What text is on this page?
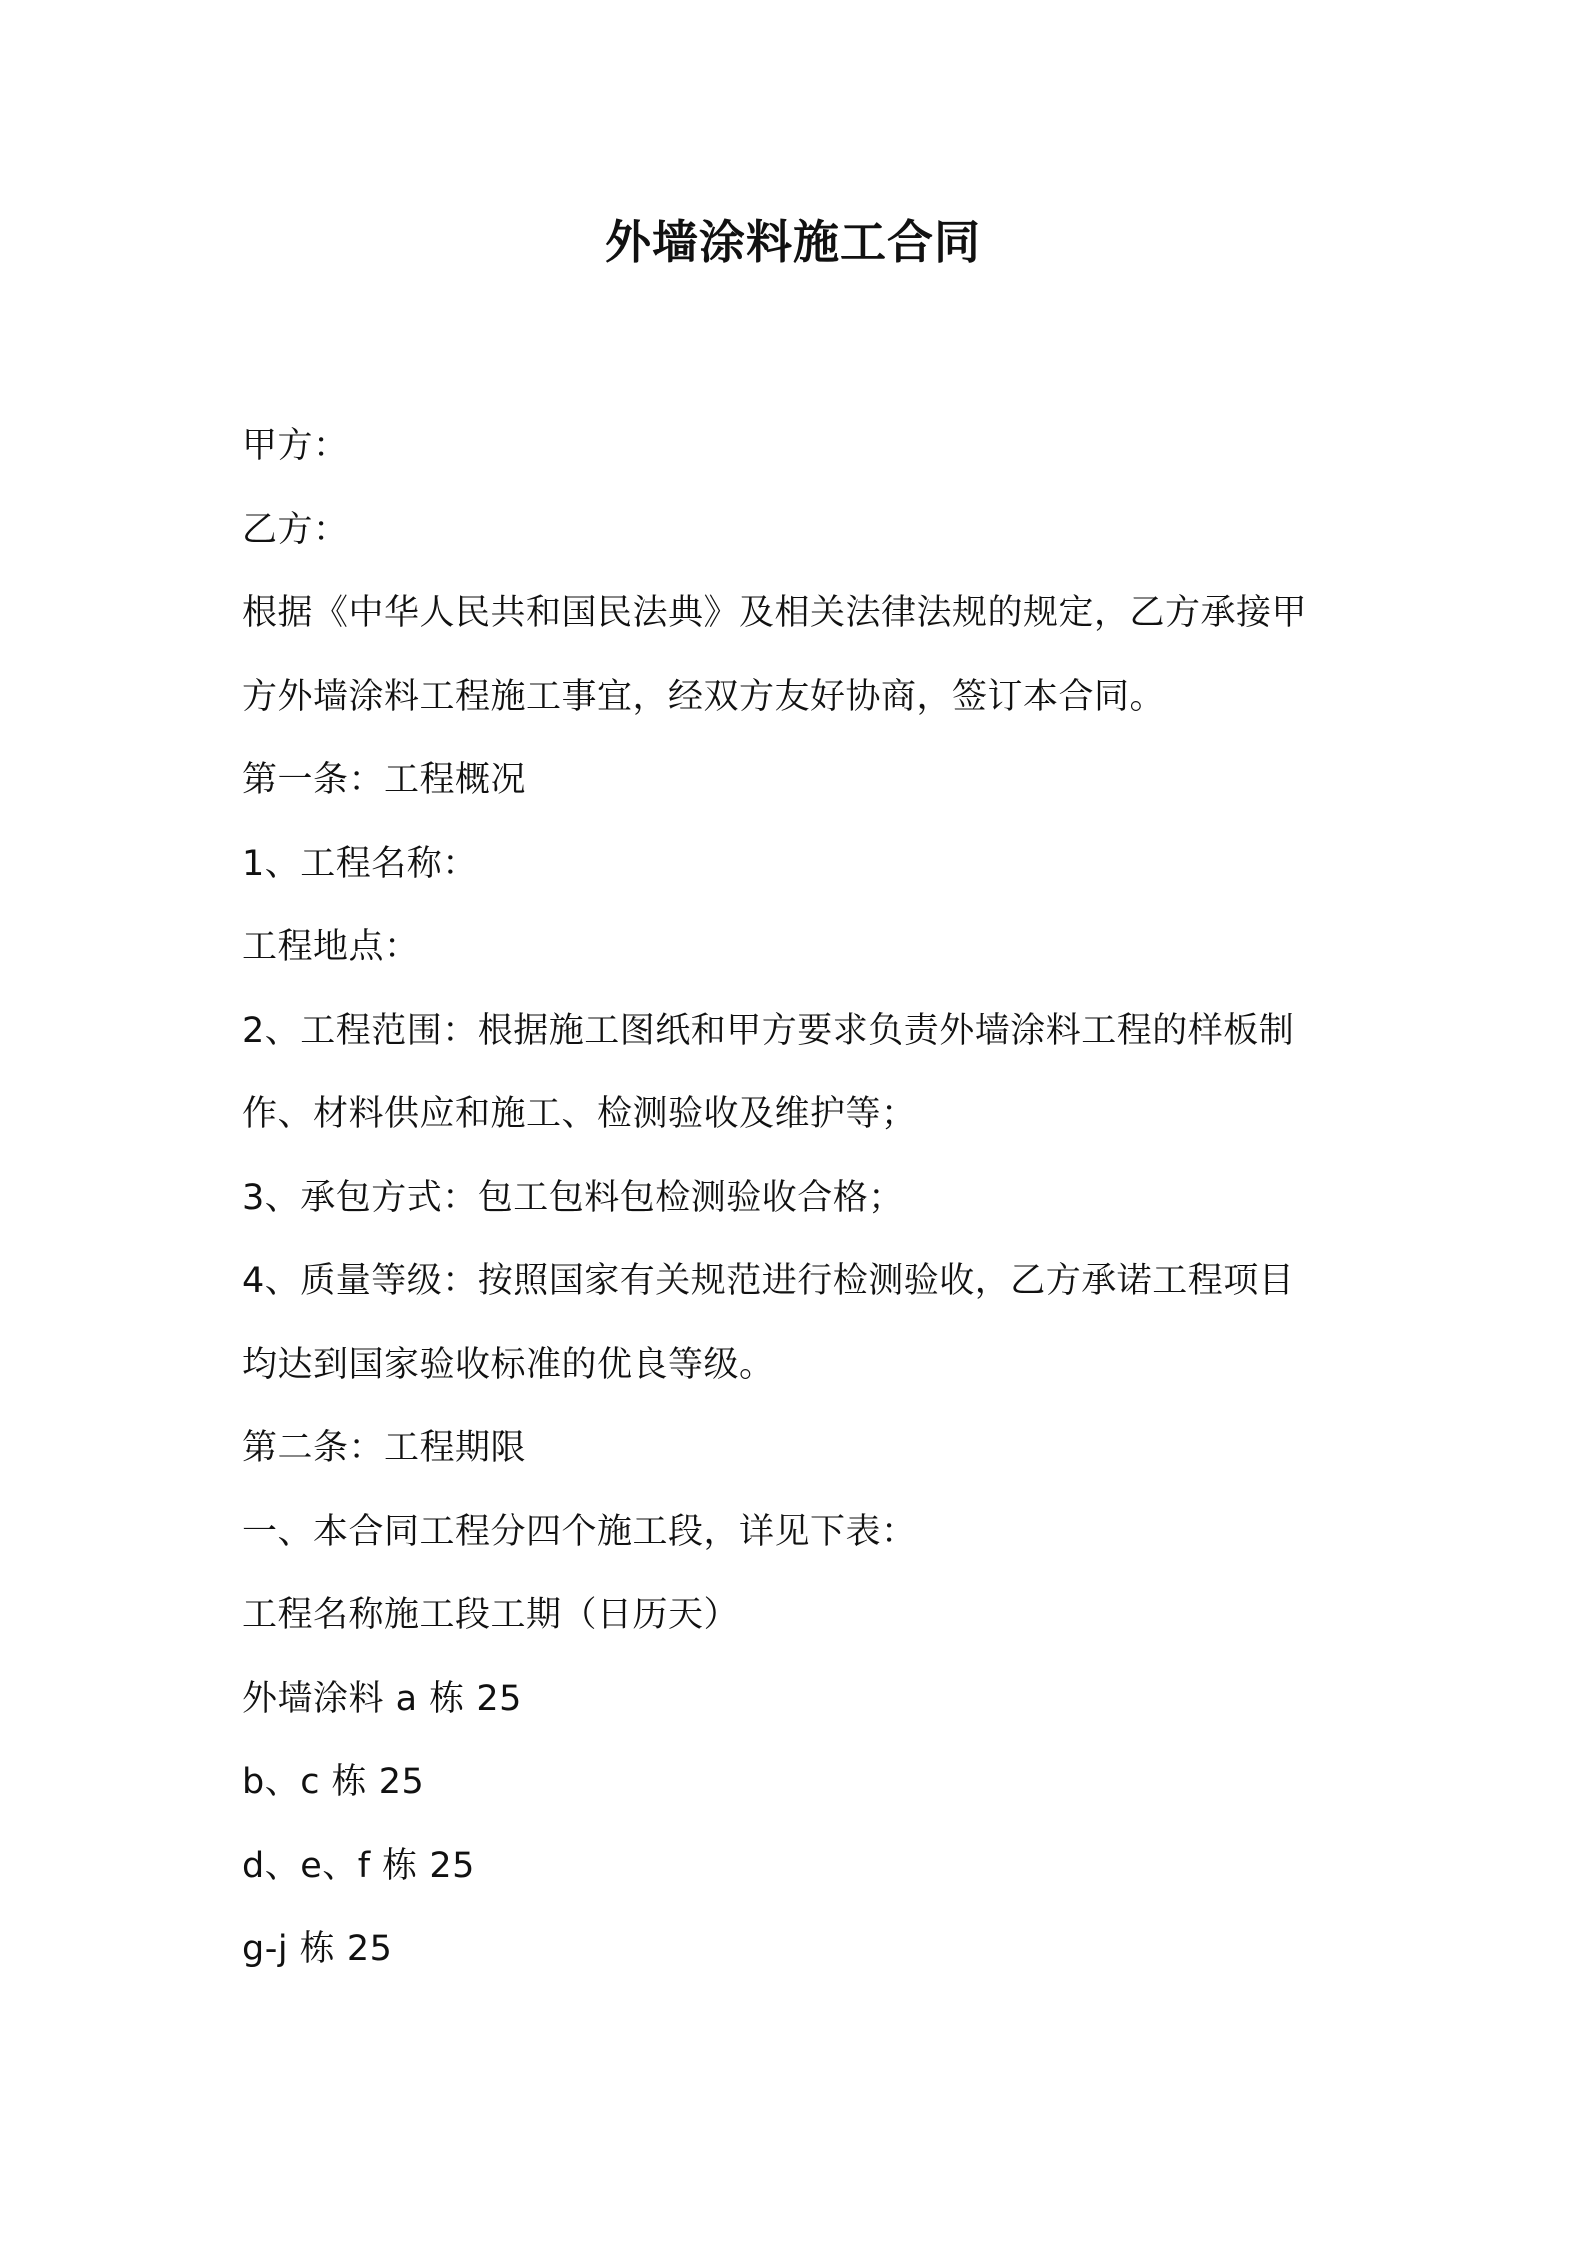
外墙涂料施工合同
甲方：
乙方：
根据《中华人民共和国民法典》及相关法律法规的规定，乙方承接甲
方外墙涂料工程施工事宜，经双方友好协商，签订本合同。
第一条：工程概况
1、工程名称：
工程地点：
2、工程范围：根据施工图纸和甲方要求负责外墙涂料工程的样板制
作、材料供应和施工、检测验收及维护等；
3、承包方式：包工包料包检测验收合格；
4、质量等级：按照国家有关规范进行检测验收，乙方承诺工程项目
均达到国家验收标准的优良等级。
第二条：工程期限
一、本合同工程分四个施工段，详见下表：
工程名称施工段工期（日历天）
外墙涂料 a 栋 25
b、c 栋 25
d、e、f 栋 25
g-j 栋 25
